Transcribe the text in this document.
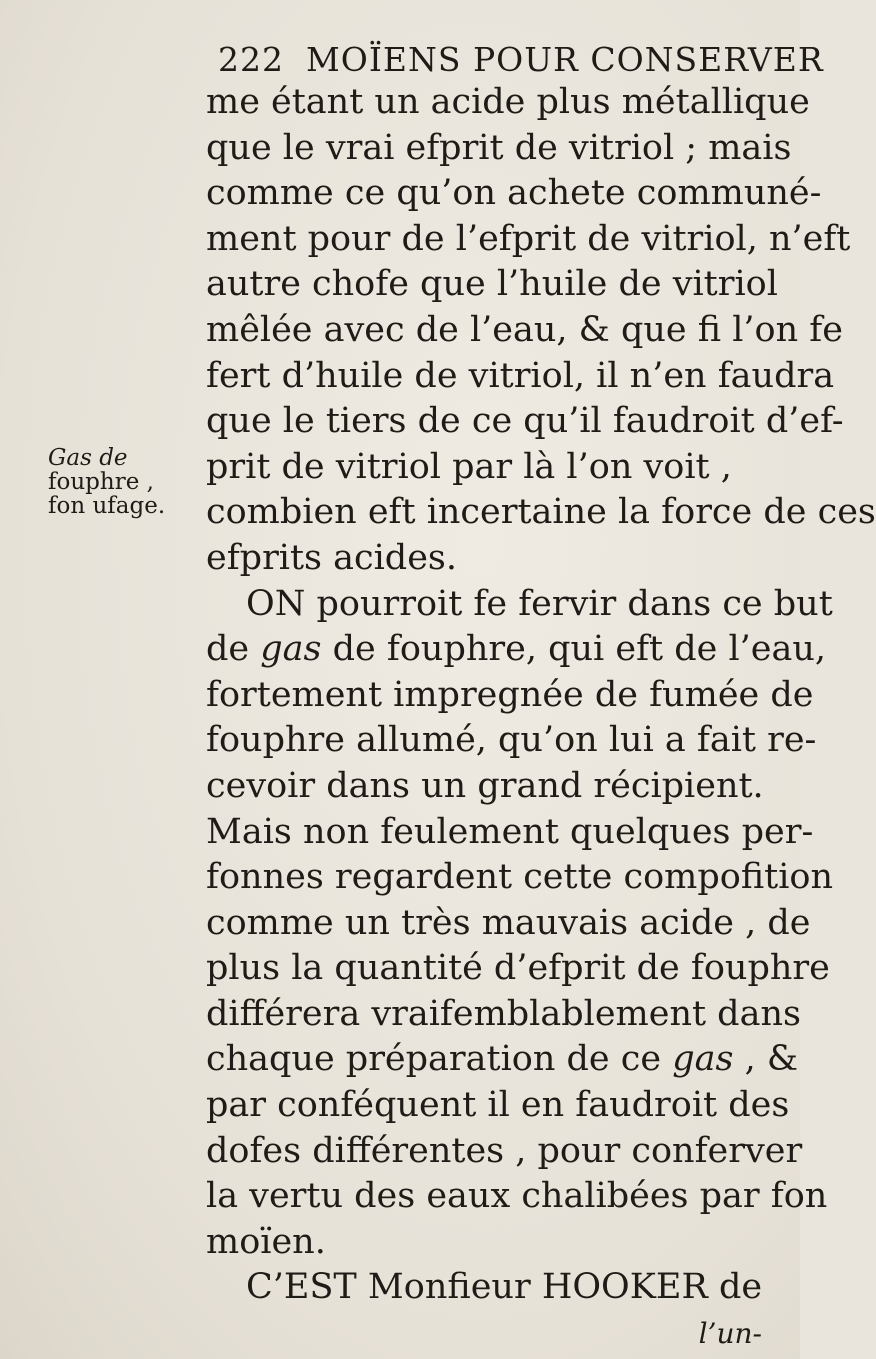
222 MOÏENS POUR CONSERVER
Gas de
fouphre ,
fon ufage.
me étant un acide plus métallique
que le vrai efprit de vitriol ; mais
comme ce qu’on achete communé-
ment pour de l’efprit de vitriol, n’eft
autre chofe que l’huile de vitriol
mêlée avec de l’eau, & que fi l’on fe
fert d’huile de vitriol, il n’en faudra
que le tiers de ce qu’il faudroit d’ef-
prit de vitriol par là l’on voit ,
combien eft incertaine la force de ces
efprits acides.
ON pourroit fe fervir dans ce but
de gas de fouphre, qui eft de l’eau,
fortement impregnée de fumée de
fouphre allumé, qu’on lui a fait re-
cevoir dans un grand récipient.
Mais non feulement quelques per-
fonnes regardent cette compofition
comme un très mauvais acide , de
plus la quantité d’efprit de fouphre
différera vraifemblablement dans
chaque préparation de ce gas , &
par conféquent il en faudroit des
dofes différentes , pour conferver
la vertu des eaux chalibées par fon
moïen.
C’EST Monfieur HOOKER de
l’un-
